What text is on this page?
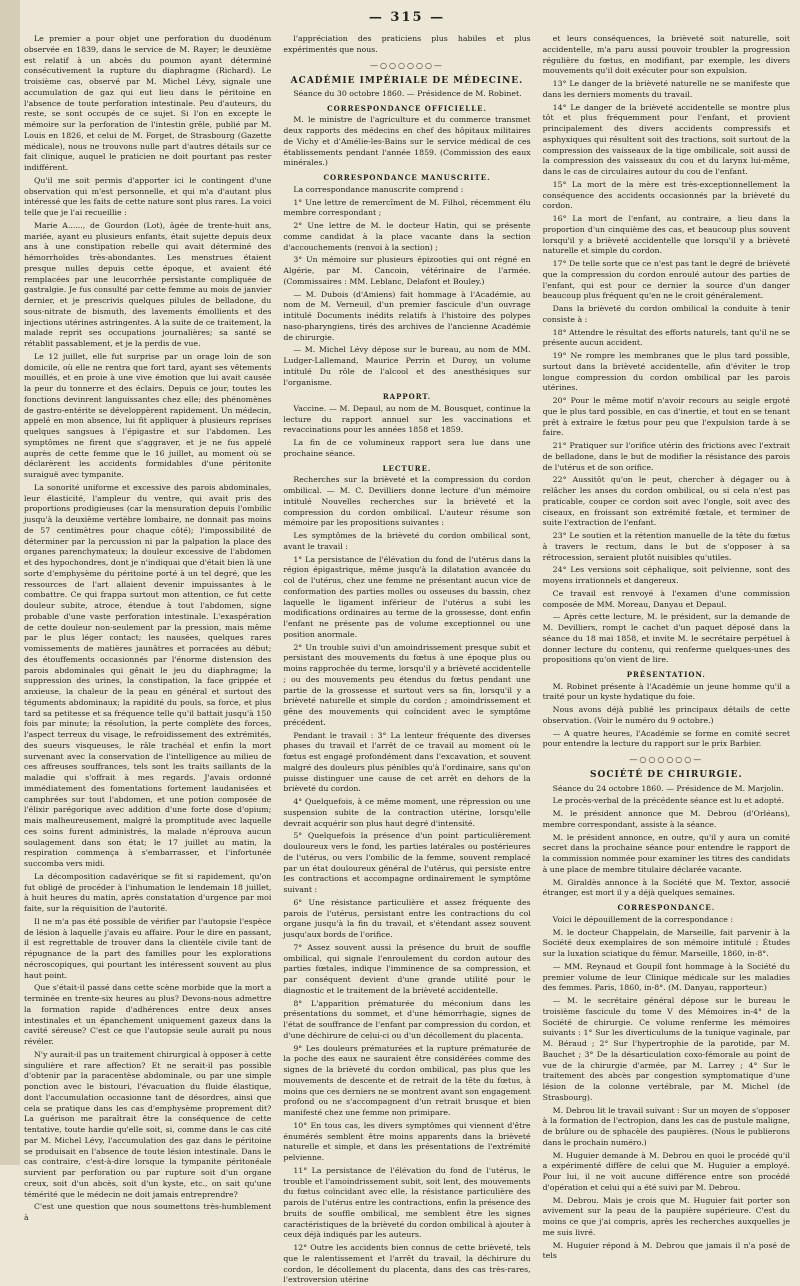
— 315 —

Le premier a pour objet une perforation du duodénum observée en 1839, dans le service de M. Rayer; le deuxième est relatif à un abcès du poumon ayant déterminé consécutivement la rupture du diaphragme (Richard). Le troisième cas, observé par M. Michel Lévy, signale une accumulation de gaz qui eut lieu dans le péritoine en l'absence de toute perforation intestinale. Peu d'auteurs, du reste, se sont occupés de ce sujet. Si l'on en excepte le mémoire sur la perforation de l'intestin grêle, publié par M. Louis en 1826, et celui de M. Forget, de Strasbourg (Gazette médicale), nous ne trouvons nulle part d'autres détails sur ce fait clinique, auquel le praticien ne doit pourtant pas rester indifférent.

Qu'il me soit permis d'apporter ici le contingent d'une observation qui m'est personnelle, et qui m'a d'autant plus intéressé que les faits de cette nature sont plus rares. La voici telle que je l'ai recueillie :

Marie A......, de Gourdon (Lot), âgée de trente-huit ans, mariée, ayant eu plusieurs enfants, était sujette depuis deux ans à une constipation rebelle qui avait déterminé des hémorrhoïdes très-abondantes. Les menstrues étaient presque nulles depuis cette époque, et avaient été remplacées par une leucorrhée persistante compliquée de gastralgie. Je fus consulté par cette femme au mois de janvier dernier, et je prescrivis quelques pilules de belladone, du sous-nitrate de bismuth, des lavements émollients et des injections utérines astringentes. A la suite de ce traitement, la malade reprit ses occupations journalières; sa santé se rétablit passablement, et je la perdis de vue.

Le 12 juillet, elle fut surprise par un orage loin de son domicile, où elle ne rentra que fort tard, ayant ses vêtements mouillés, et en proie à une vive émotion que lui avait causée la peur du tonnerre et des éclairs. Depuis ce jour, toutes les fonctions devinrent languissantes chez elle; des phénomènes de gastro-entérite se développèrent rapidement. Un médecin, appelé en mon absence, lui fit appliquer à plusieurs reprises quelques sangsues à l'épigastre et sur l'abdomen. Les symptômes ne firent que s'aggraver, et je ne fus appelé auprès de cette femme que le 16 juillet, au moment où se déclarèrent les accidents formidables d'une péritonite suraiguë avec tympanite.

La sonorité uniforme et excessive des parois abdominales, leur élasticité, l'ampleur du ventre, qui avait pris des proportions prodigieuses (car la mensuration depuis l'ombilic jusqu'à la deuxième vertèbre lombaire, ne donnait pas moins de 57 centimètres pour chaque côté); l'impossibilité de déterminer par la percussion ni par la palpation la place des organes parenchymateux; la douleur excessive de l'abdomen et des hypochondres, dont je n'indiquai que d'était bien là une sorte d'emphysème du péritoine porté à un tel degré, que les ressources de l'art allaient devenir impuissantes à le combattre. Ce qui frappa surtout mon attention, ce fut cette douleur subite, atroce, étendue à tout l'abdomen, signe probable d'une vaste perforation intestinale. L'exaspération de cette douleur non-seulement par la pression, mais même par le plus léger contact; les nausées, quelques rares vomissements de matières jaunâtres et porracées au début; des étouffements occasionnés par l'énorme distension des parois abdominales qui gênait le jeu du diaphragme; la suppression des urines, la constipation, la face grippée et anxieuse, la chaleur de la peau en général et surtout des téguments abdominaux; la rapidité du pouls, sa force, et plus tard sa petitesse et sa fréquence telle qu'il battait jusqu'à 150 fois par minute; la résolution, la perte complète des forces, l'aspect terreux du visage, le refroidissement des extrémités, des sueurs visqueuses, le râle trachéal et enfin la mort survenant avec la conservation de l'intelligence au milieu de ces affreuses souffrances, tels sont les traits saillants de la maladie qui s'offrait à mes regards. J'avais ordonné immédiatement des fomentations fortement laudanisées et camphrées sur tout l'abdomen, et une potion composée de l'élixir parégorique avec addition d'une forte dose d'opium; mais malheureusement, malgré la promptitude avec laquelle ces soins furent administrés, la malade n'éprouva aucun soulagement dans son état; le 17 juillet au matin, la respiration commença à s'embarrasser, et l'infortunée succomba vers midi.

La décomposition cadavérique se fit si rapidement, qu'on fut obligé de procéder à l'inhumation le lendemain 18 juillet, à huit heures du matin, après constatation d'urgence par moi faite, sur la réquisition de l'autorité.

Il ne m'a pas été possible de vérifier par l'autopsie l'espèce de lésion à laquelle j'avais eu affaire. Pour le dire en passant, il est regrettable de trouver dans la clientèle civile tant de répugnance de la part des familles pour les explorations nécroscopiques, qui pourtant les intéressent souvent au plus haut point.

Que s'était-il passé dans cette scène morbide que la mort a terminée en trente-six heures au plus? Devons-nous admettre la formation rapide d'adhérences entre deux anses intestinales et un épanchement uniquement gazeux dans la cavité séreuse? C'est ce que l'autopsie seule aurait pu nous révéler.

N'y aurait-il pas un traitement chirurgical à opposer à cette singulière et rare affection? Et ne serait-il pas possible d'obtenir par la paracentèse abdominale, ou par une simple ponction avec le bistouri, l'évacuation du fluide élastique, dont l'accumulation occasionne tant de désordres, ainsi que cela se pratique dans les cas d'emphysème proprement dit? La guérison me paraîtrait être la conséquence de cette tentative, toute hardie qu'elle soit, si, comme dans le cas cité par M. Michel Lévy, l'accumulation des gaz dans le péritoine se produisait en l'absence de toute lésion intestinale. Dans le cas contraire, c'est-à-dire lorsque la tympanite péritonéale survient par perforation ou par rupture soit d'un organe creux, soit d'un abcès, soit d'un kyste, etc., on sait qu'une témérité que le médecin ne doit jamais entreprendre?

C'est une question que nous soumettons très-humblement à

l'appréciation des praticiens plus habiles et plus expérimentés que nous.

—○○○○○○—
ACADÉMIE IMPÉRIALE DE MÉDECINE.

Séance du 30 octobre 1860. — Présidence de M. Robinet.

CORRESPONDANCE OFFICIELLE.

M. le ministre de l'agriculture et du commerce transmet deux rapports des médecins en chef des hôpitaux militaires de Vichy et d'Amélie-les-Bains sur le service médical de ces établissements pendant l'année 1859. (Commission des eaux minérales.)

CORRESPONDANCE MANUSCRITE.

La correspondance manuscrite comprend :

1° Une lettre de remercîment de M. Filhol, récemment élu membre correspondant ;

2° Une lettre de M. le docteur Hatin, qui se présente comme candidat à la place vacante dans la section d'accouchements (renvoi à la section) ;

3° Un mémoire sur plusieurs épizooties qui ont régné en Algérie, par M. Cancoin, vétérinaire de l'armée. (Commissaires : MM. Leblanc, Delafont et Bouley.)

— M. Dubois (d'Amiens) fait hommage à l'Académie, au nom de M. Verneuil, d'un premier fascicule d'un ouvrage intitulé Documents inédits relatifs à l'histoire des polypes naso-pharyngiens, tirés des archives de l'ancienne Académie de chirurgie.

— M. Michel Lévy dépose sur le bureau, au nom de MM. Ludger-Lallemand, Maurice Perrin et Duroy, un volume intitulé Du rôle de l'alcool et des anesthésiques sur l'organisme.

RAPPORT.

Vaccine. — M. Depaul, au nom de M. Bousquet, continue la lecture du rapport annuel sur les vaccinations et revaccinations pour les années 1858 et 1859.

La fin de ce volumineux rapport sera lue dans une prochaine séance.

LECTURE.

Recherches sur la brièveté et la compression du cordon ombilical. — M. C. Devilliers donne lecture d'un mémoire intitulé Nouvelles recherches sur la brièveté et la compression du cordon ombilical. L'auteur résume son mémoire par les propositions suivantes :

Les symptômes de la brièveté du cordon ombilical sont, avant le travail :

1° La persistance de l'élévation du fond de l'utérus dans la région épigastrique, même jusqu'à la dilatation avancée du col de l'utérus, chez une femme ne présentant aucun vice de conformation des parties molles ou osseuses du bassin, chez laquelle le ligament inférieur de l'utérus a subi les modifications ordinaires au terme de la grossesse, dont enfin l'enfant ne présente pas de volume exceptionnel ou une position anormale.

2° Un trouble suivi d'un amoindrissement presque subit et persistant des mouvements du fœtus à une époque plus ou moins rapprochée du terme, lorsqu'il y a brièveté accidentelle ; ou des mouvements peu étendus du fœtus pendant une partie de la grossesse et surtout vers sa fin, lorsqu'il y a brièveté naturelle et simple du cordon ; amoindrissement et gêne des mouvements qui coïncident avec le symptôme précédent.

Pendant le travail : 3° La lenteur fréquente des diverses phases du travail et l'arrêt de ce travail au moment où le fœtus est engagé profondément dans l'excavation, et souvent malgré des douleurs plus pénibles qu'à l'ordinaire, sans qu'on puisse distinguer une cause de cet arrêt en dehors de la brièveté du cordon.

4° Quelquefois, à ce même moment, une répression ou une suspension subite de la contraction utérine, lorsqu'elle devrait acquérir son plus haut degré d'intensité.

5° Quelquefois la présence d'un point particulièrement douloureux vers le fond, les parties latérales ou postérieures de l'utérus, ou vers l'ombilic de la femme, souvent remplacé par un état douloureux général de l'utérus, qui persiste entre les contractions et accompagne ordinairement le symptôme suivant :

6° Une résistance particulière et assez fréquente des parois de l'utérus, persistant entre les contractions du col organe jusqu'à la fin du travail, et s'étendant assez souvent jusqu'aux bords de l'orifice.

7° Assez souvent aussi la présence du bruit de souffle ombilical, qui signale l'enroulement du cordon autour des parties fœtales, indique l'imminence de sa compression, et par conséquent devient d'une grande utilité pour le diagnostic et le traitement de la brièveté accidentelle.

8° L'apparition prématurée du méconium dans les présentations du sommet, et d'une hémorrhagie, signes de l'état de souffrance de l'enfant par compression du cordon, et d'une déchirure de celui-ci ou d'un décollement du placenta.

9° Les douleurs prématurées et la rupture prématurée de la poche des eaux ne sauraient être considérées comme des signes de la brièveté du cordon ombilical, pas plus que les mouvements de descente et de retrait de la tête du fœtus, à moins que ces derniers ne se montrent avant son engagement profond ou ne s'accompagnent d'un retrait brusque et bien manifesté chez une femme non primipare.

10° En tous cas, les divers symptômes qui viennent d'être énumérés semblent être moins apparents dans la brièveté naturelle et simple, et dans les présentations de l'extrémité pelvienne.

11° La persistance de l'élévation du fond de l'utérus, le trouble et l'amoindrissement subit, soit lent, des mouvements du fœtus coïncidant avec elle, la résistance particulière des parois de l'utérus entre les contractions, enfin la présence des bruits de souffle ombilical, me semblent être les signes caractéristiques de la brièveté du cordon ombilical à ajouter à ceux déjà indiqués par les auteurs.

12° Outre les accidents bien connus de cette brièveté, tels que le ralentissement et l'arrêt du travail, la déchirure du cordon, le décollement du placenta, dans des cas très-rares, l'extroversion utérine

et leurs conséquences, la brièveté soit naturelle, soit accidentelle, m'a paru aussi pouvoir troubler la progression régulière du fœtus, en modifiant, par exemple, les divers mouvements qu'il doit exécuter pour son expulsion.

13° Le danger de la brièveté naturelle ne se manifeste que dans les derniers moments du travail.

14° Le danger de la brièveté accidentelle se montre plus tôt et plus fréquemment pour l'enfant, et provient principalement des divers accidents compressifs et asphyxiques qui résultent soit des tractions, soit surtout de la compression des vaisseaux de la tige ombilicale, soit aussi de la compression des vaisseaux du cou et du larynx lui-même, dans le cas de circulaires autour du cou de l'enfant.

15° La mort de la mère est très-exceptionnellement la conséquence des accidents occasionnés par la brièveté du cordon.

16° La mort de l'enfant, au contraire, a lieu dans la proportion d'un cinquième des cas, et beaucoup plus souvent lorsqu'il y a brièveté accidentelle que lorsqu'il y a brièveté naturelle et simple du cordon.

17° De telle sorte que ce n'est pas tant le degré de brièveté que la compression du cordon enroulé autour des parties de l'enfant, qui est pour ce dernier la source d'un danger beaucoup plus fréquent qu'en ne le croit généralement.

Dans la brièveté du cordon ombilical la conduite à tenir consiste à :

18° Attendre le résultat des efforts naturels, tant qu'il ne se présente aucun accident.

19° Ne rompre les membranes que le plus tard possible, surtout dans la brièveté accidentelle, afin d'éviter le trop longue compression du cordon ombilical par les parois utérines.

20° Pour le même motif n'avoir recours au seigle ergoté que le plus tard possible, en cas d'inertie, et tout en se tenant prêt à extraire le fœtus pour peu que l'expulsion tarde à se faire.

21° Pratiquer sur l'orifice utérin des frictions avec l'extrait de belladone, dans le but de modifier la résistance des parois de l'utérus et de son orifice.

22° Aussitôt qu'on le peut, chercher à dégager ou à relâcher les anses du cordon ombilical, ou si cela n'est pas praticable, couper ce cordon soit avec l'ongle, soit avec des ciseaux, en froissant son extrémité fœtale, et terminer de suite l'extraction de l'enfant.

23° Le soutien et la rétention manuelle de la tête du fœtus à travers le rectum, dans le but de s'opposer à sa rétrocession, seraient plutôt nuisibles qu'utiles.

24° Les versions soit céphalique, soit pelvienne, sont des moyens irrationnels et dangereux.

Ce travail est renvoyé à l'examen d'une commission composée de MM. Moreau, Danyau et Depaul.

— Après cette lecture, M. le président, sur la demande de M. Devilliers, rompt le cachet d'un paquet déposé dans la séance du 18 mai 1858, et invite M. le secrétaire perpétuel à donner lecture du contenu, qui renferme quelques-unes des propositions qu'on vient de lire.

PRÉSENTATION.

M. Robinet présente à l'Académie un jeune homme qu'il a traité pour un kyste hydatique du foie.

Nous avons déjà publié les principaux détails de cette observation. (Voir le numéro du 9 octobre.)

— A quatre heures, l'Académie se forme en comité secret pour entendre la lecture du rapport sur le prix Barbier.

—○○○○○○—
SOCIÉTÉ DE CHIRURGIE.

Séance du 24 octobre 1860. — Présidence de M. Marjolin.

Le procès-verbal de la précédente séance est lu et adopté.

M. le président annonce que M. Debrou (d'Orléans), membre correspondant, assiste à la séance.

M. le président annonce, en outre, qu'il y aura un comité secret dans la prochaine séance pour entendre le rapport de la commission nommée pour examiner les titres des candidats à une place de membre titulaire déclarée vacante.

M. Giraldès annonce à la Société que M. Textor, associé étranger, est mort il y a déjà quelques semaines.

CORRESPONDANCE.

Voici le dépouillement de la correspondance :

M. le docteur Chappelain, de Marseille, fait parvenir à la Société deux exemplaires de son mémoire intitulé : Études sur la luxation sciatique du fémur. Marseille, 1860, in-8°.

— MM. Reynaud et Goupil font hommage à la Société du premier volume de leur Clinique médicale sur les maladies des femmes. Paris, 1860, in-8°. (M. Danyau, rapporteur.)

— M. le secrétaire général dépose sur le bureau le troisième fascicule du tome V des Mémoires in-4° de la Société de chirurgie. Ce volume renferme les mémoires suivants : 1° Sur les diverticulums de la tunique vaginale, par M. Béraud ; 2° Sur l'hypertrophie de la parotide, par M. Bauchet ; 3° De la désarticulation coxo-fémorale au point de vue de la chirurgie d'armée, par M. Larrey ; 4° Sur le traitement des abcès par congestion symptomatique d'une lésion de la colonne vertébrale, par M. Michel (de Strasbourg).

M. Debrou lit le travail suivant : Sur un moyen de s'opposer à la formation de l'ectropion, dans les cas de pustule maligne, de brûlure ou de sphacèle des paupières. (Nous le publierons dans le prochain numéro.)

M. Huguier demande à M. Debrou en quoi le procédé qu'il a expérimenté diffère de celui que M. Huguier a employé. Pour lui, il ne voit aucune différence entre son procédé d'opération et celui qui a été suivi par M. Debrou.

M. Debrou. Mais je crois que M. Huguier fait porter son avivement sur la peau de la paupière supérieure. C'est du moins ce que j'ai compris, après les recherches auxquelles je me suis livré.

M. Huguier répond à M. Debrou que jamais il n'a posé de tels
